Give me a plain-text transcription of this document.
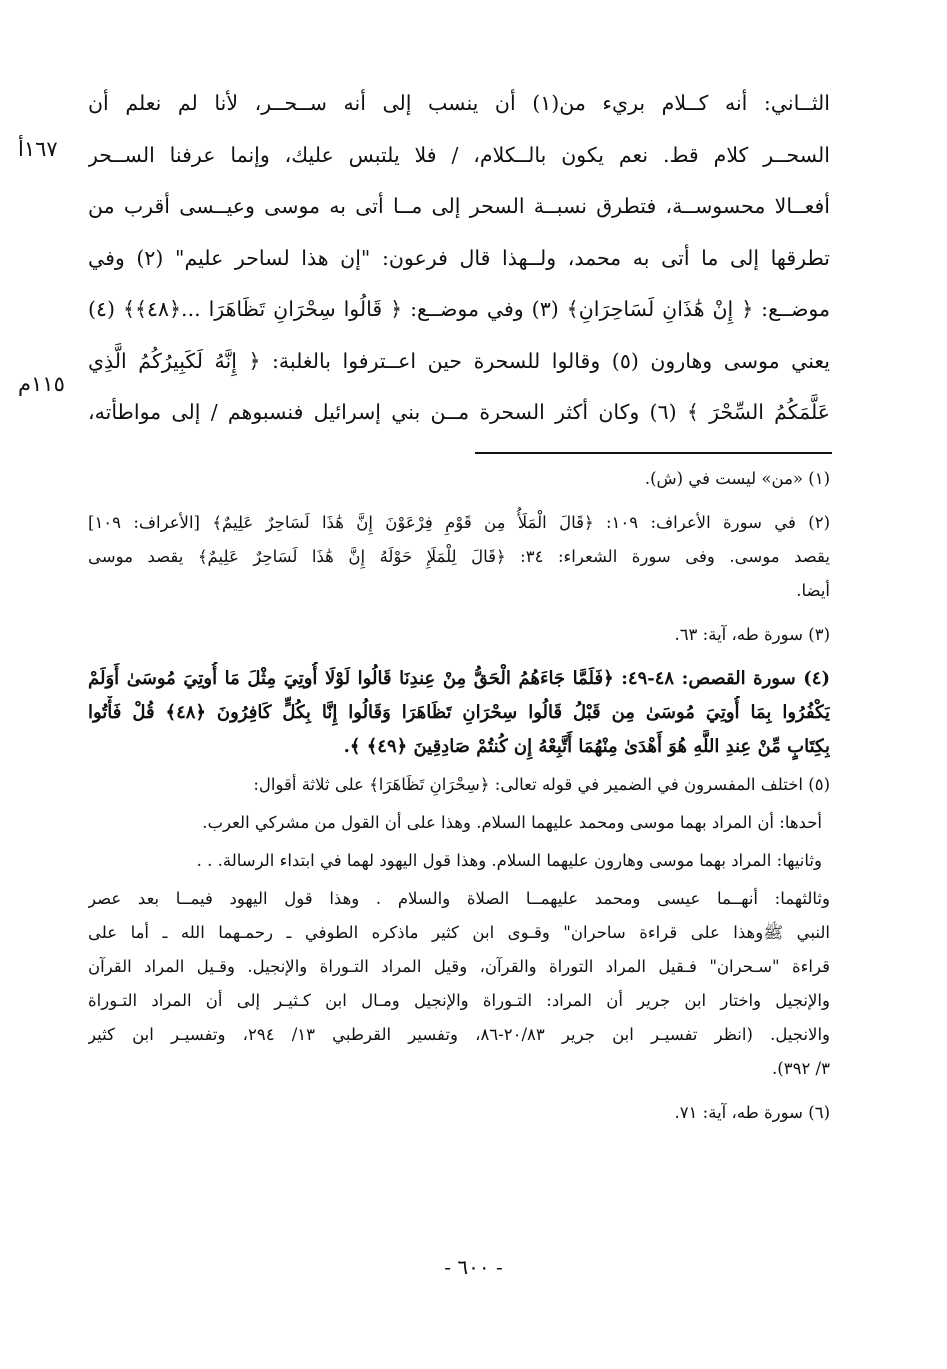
١٦٧أ
١١٥م
الثــاني: أنه كــلام بريء من(١) أن ينسب إلى أنه ســحــر، لأنا لم نعلم أن
السحــر كلام قط. نعم يكون بالــكلام، / فلا يلتبس عليك، وإنما عرفنا الســحر
أفعــالا محسوســة، فتطرق نسبــة السحر إلى مــا أتى به موسى وعيــسى أقرب من
تطرقها إلى ما أتى به محمد، ولــهذا قال فرعون: "إن هذا لساحر عليم" (٢) وفي
موضــع: ﴿ إِنْ هَٰذَانِ لَسَاحِرَانِ﴾ (٣) وفي موضــع: ﴿ قَالُوا سِحْرَانِ تَظَاهَرَا ...﴿٤٨﴾﴾ (٤)
يعني موسى وهارون (٥) وقالوا للسحرة حين اعــترفوا بالغلبة: ﴿ إِنَّهُ لَكَبِيرُكُمُ الَّذِي
عَلَّمَكُمُ السِّحْرَ ﴾ (٦) وكان أكثر السحرة مــن بني إسرائيل فنسبوهم / إلى مواطأته،
(١) «من» ليست في (ش).
(٢) في سورة الأعراف: ١٠٩: ﴿قَالَ الْمَلَأُ مِن قَوْمِ فِرْعَوْنَ إِنَّ هَٰذَا لَسَاحِرٌ عَلِيمٌ﴾ [الأعراف: ١٠٩]
يقصد موسى. وفى سورة الشعراء: ٣٤: ﴿قَالَ لِلْمَلَإِ حَوْلَهُ إِنَّ هَٰذَا لَسَاحِرٌ عَلِيمٌ﴾ يقصد موسى
أيضا.
(٣) سورة طه، آية: ٦٣.
(٤) سورة القصص: ٤٨-٤٩: ﴿فَلَمَّا جَاءَهُمُ الْحَقُّ مِنْ عِندِنَا قَالُوا لَوْلَا أُوتِيَ مِثْلَ مَا أُوتِيَ مُوسَىٰ أَوَلَمْ
يَكْفُرُوا بِمَا أُوتِيَ مُوسَىٰ مِن قَبْلُ قَالُوا سِحْرَانِ تَظَاهَرَا وَقَالُوا إِنَّا بِكُلٍّ كَافِرُونَ ﴿٤٨﴾ قُلْ فَأْتُوا
بِكِتَابٍ مِّنْ عِندِ اللَّهِ هُوَ أَهْدَىٰ مِنْهُمَا أَتَّبِعْهُ إِن كُنتُمْ صَادِقِينَ ﴿٤٩﴾ ﴾.
(٥) اختلف المفسرون في الضمير في قوله تعالى: ﴿سِحْرَانِ تَظَاهَرَا﴾ على ثلاثة أقوال:
أحدها: أن المراد بهما موسى ومحمد عليهما السلام. وهذا على أن القول من مشركي العرب.
وثانيها: المراد بهما موسى وهارون عليهما السلام. وهذا قول اليهود لهما في ابتداء الرسالة. . .
وثالثهما: أنهــما عيسى ومحمد عليهمــا الصلاة والسلام . وهذا قول اليهود فيمــا بعد عصر
النبي ﷺوهذا على قراءة ساحران" وقـوى ابن كثير ماذكره الطوفي ـ رحمـهما الله ـ أما على
قراءة "سـحران" فـقيل المراد التوراة والقرآن، وقيل المراد التـوراة والإنجيل. وقـيل المراد القرآن
والإنجيل واختار ابن جرير أن المراد: التـوراة والإنجيل ومـال ابن كـثيـر إلى أن المراد التـوراة
والانجيل. (انظر تفسيـر ابن جرير ٢٠/٨٣-٨٦، وتفسير القرطبي ١٣/ ٢٩٤، وتفسيـر ابن كثير
٣/ ٣٩٢).
(٦) سورة طه، آية: ٧١.
- ٦٠٠ -
